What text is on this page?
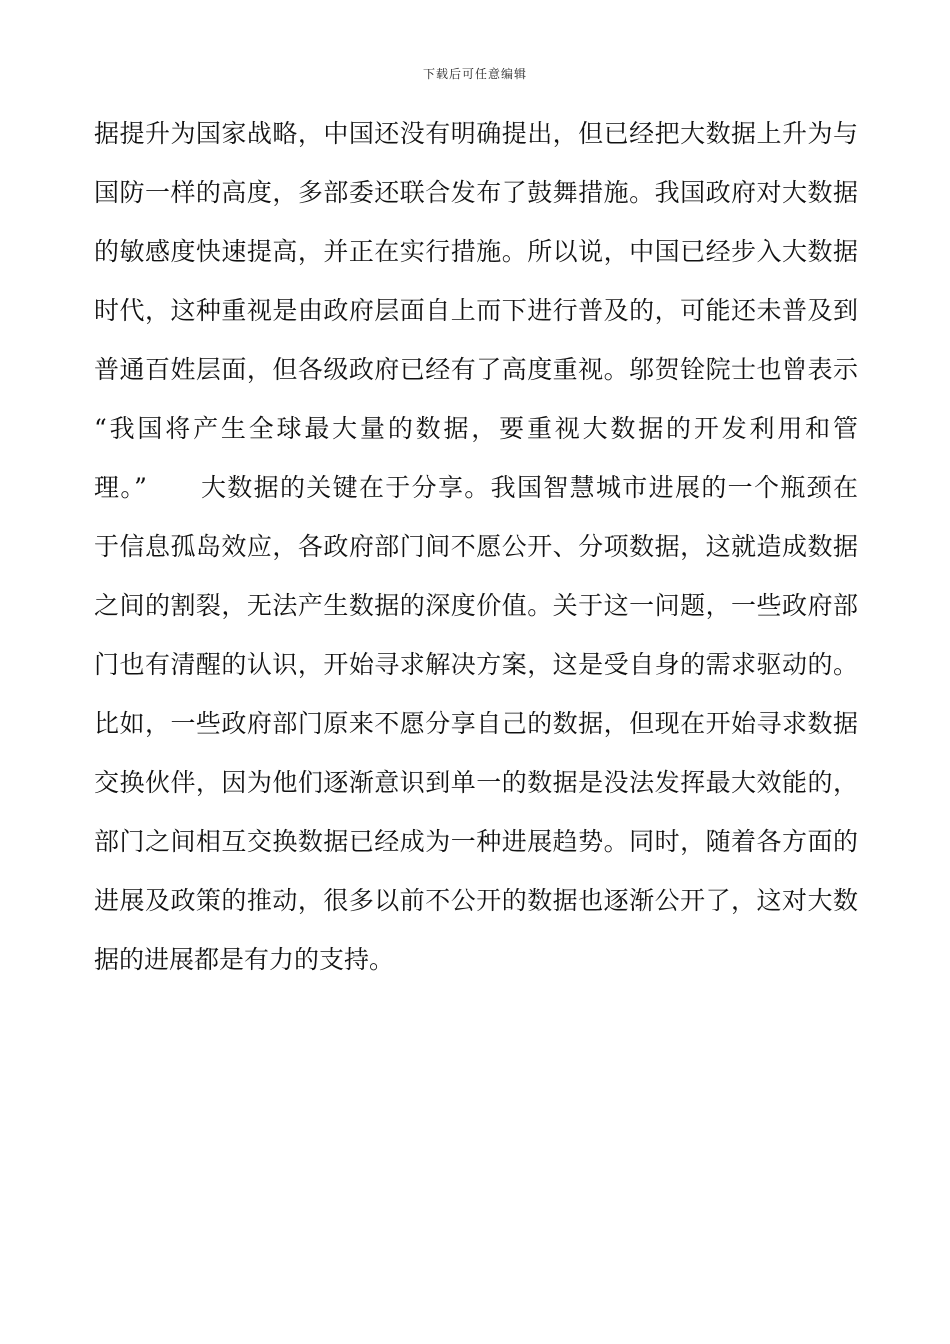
下载后可任意编辑
据提升为国家战略，中国还没有明确提出，但已经把大数据上升为与
国防一样的高度，多部委还联合发布了鼓舞措施。我国政府对大数据
的敏感度快速提高，并正在实行措施。所以说，中国已经步入大数据
时代，这种重视是由政府层面自上而下进行普及的，可能还未普及到
普通百姓层面，但各级政府已经有了高度重视。邬贺铨院士也曾表示
“我国将产生全球最大量的数据，要重视大数据的开发利用和管
理。”　　大数据的关键在于分享。我国智慧城市进展的一个瓶颈在
于信息孤岛效应，各政府部门间不愿公开、分项数据，这就造成数据
之间的割裂，无法产生数据的深度价值。关于这一问题，一些政府部
门也有清醒的认识，开始寻求解决方案，这是受自身的需求驱动的。
比如，一些政府部门原来不愿分享自己的数据，但现在开始寻求数据
交换伙伴，因为他们逐渐意识到单一的数据是没法发挥最大效能的，
部门之间相互交换数据已经成为一种进展趋势。同时，随着各方面的
进展及政策的推动，很多以前不公开的数据也逐渐公开了，这对大数
据的进展都是有力的支持。
